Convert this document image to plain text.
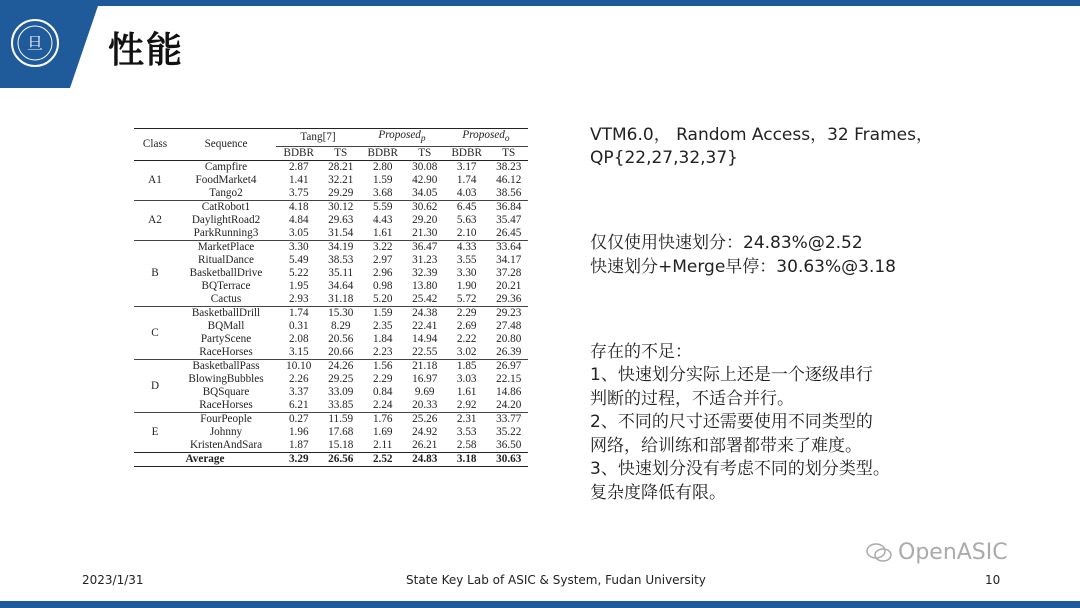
旦 性能
Class	Sequence	Tang[7]		Proposed$_p$		Proposed$_o$
		BDBR	TS	BDBR	TS	BDBR	TS
A1	Campfire	2.87	28.21	2.80	30.08	3.17	38.23
	FoodMarket4	1.41	32.21	1.59	42.90	1.74	46.12
	Tango2	3.75	29.29	3.68	34.05	4.03	38.56
A2	CatRobot1	4.18	30.12	5.59	30.62	6.45	36.84
	DaylightRoad2	4.84	29.63	4.43	29.20	5.63	35.47
	ParkRunning3	3.05	31.54	1.61	21.30	2.10	26.45
B	MarketPlace	3.30	34.19	3.22	36.47	4.33	33.64
	RitualDance	5.49	38.53	2.97	31.23	3.55	34.17
	BasketballDrive	5.22	35.11	2.96	32.39	3.30	37.28
	BQTerrace	1.95	34.64	0.98	13.80	1.90	20.21
	Cactus	2.93	31.18	5.20	25.42	5.72	29.36
C	BasketballDrill	1.74	15.30	1.59	24.38	2.29	29.23
	BQMall	0.31	8.29	2.35	22.41	2.69	27.48
	PartyScene	2.08	20.56	1.84	14.94	2.22	20.80
	RaceHorses	3.15	20.66	2.23	22.55	3.02	26.39
D	BasketballPass	10.10	24.26	1.56	21.18	1.85	26.97
	BlowingBubbles	2.26	29.25	2.29	16.97	3.03	22.15
	BQSquare	3.37	33.09	0.84	9.69	1.61	14.86
	RaceHorses	6.21	33.85	2.24	20.33	2.92	24.20
E	FourPeople	0.27	11.59	1.76	25.26	2.31	33.77
	Johnny	1.96	17.68	1.69	24.92	3.53	35.22
	KristenAndSara	1.87	15.18	2.11	26.21	2.58	36.50
Average		3.29	26.56	2.52	24.83	3.18	30.63
VTM6.0， Random Access，32 Frames，
QP{22,27,32,37}
仅仅使用快速划分：24.83%@2.52
快速划分+Merge早停：30.63%@3.18
存在的不足：
1、快速划分实际上还是一个逐级串行
判断的过程，不适合并行。
2、不同的尺寸还需要使用不同类型的
网络，给训练和部署都带来了难度。
3、快速划分没有考虑不同的划分类型。
复杂度降低有限。
OpenASIC
2023/1/31	State Key Lab of ASIC & System, Fudan University	10
